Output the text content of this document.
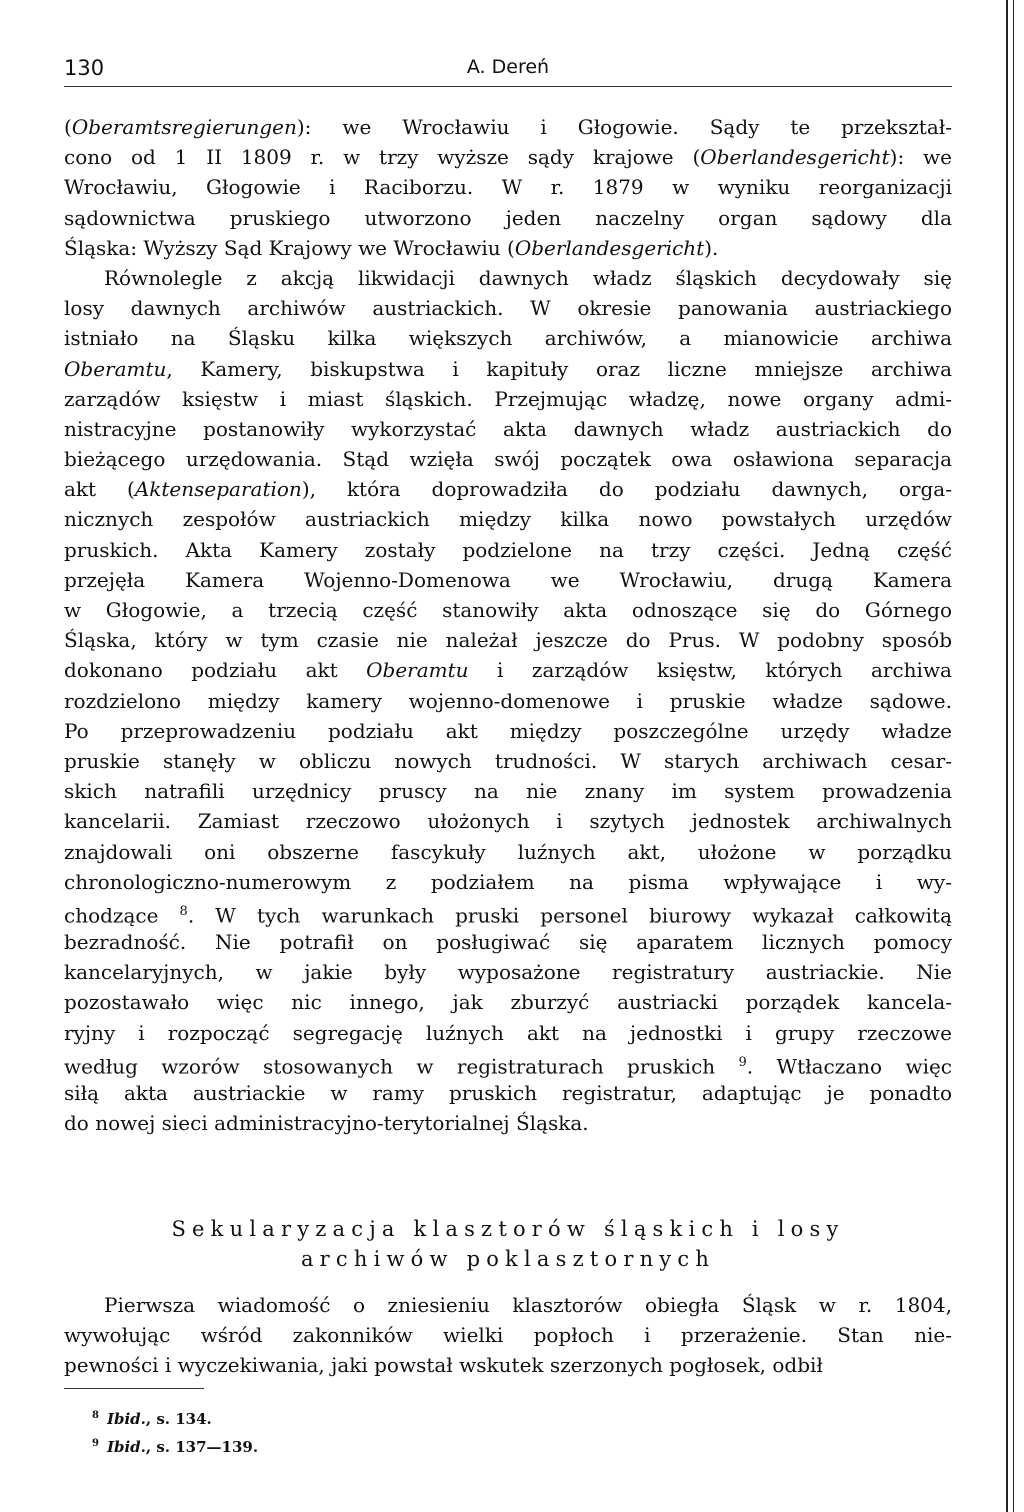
130	A. Dereń
(Oberamtsregierungen): we Wrocławiu i Głogowie. Sądy te przekształ-
cono od 1 II 1809 r. w trzy wyższe sądy krajowe (Oberlandesgericht): we
Wrocławiu, Głogowie i Raciborzu. W r. 1879 w wyniku reorganizacji
sądownictwa pruskiego utworzono jeden naczelny organ sądowy dla
Śląska: Wyższy Sąd Krajowy we Wrocławiu (Oberlandesgericht).
Równolegle z akcją likwidacji dawnych władz śląskich decydowały się
losy dawnych archiwów austriackich. W okresie panowania austriackiego
istniało na Śląsku kilka większych archiwów, a mianowicie archiwa
Oberamtu, Kamery, biskupstwa i kapituły oraz liczne mniejsze archiwa
zarządów księstw i miast śląskich. Przejmując władzę, nowe organy admi-
nistracyjne postanowiły wykorzystać akta dawnych władz austriackich do
bieżącego urzędowania. Stąd wzięła swój początek owa osławiona separacja
akt (Aktenseparation), która doprowadziła do podziału dawnych, orga-
nicznych zespołów austriackich między kilka nowo powstałych urzędów
pruskich. Akta Kamery zostały podzielone na trzy części. Jedną część
przejęła Kamera Wojenno-Domenowa we Wrocławiu, drugą Kamera
w Głogowie, a trzecią część stanowiły akta odnoszące się do Górnego
Śląska, który w tym czasie nie należał jeszcze do Prus. W podobny sposób
dokonano podziału akt Oberamtu i zarządów księstw, których archiwa
rozdzielono między kamery wojenno-domenowe i pruskie władze sądowe.
Po przeprowadzeniu podziału akt między poszczególne urzędy władze
pruskie stanęły w obliczu nowych trudności. W starych archiwach cesar-
skich natrafili urzędnicy pruscy na nie znany im system prowadzenia
kancelarii. Zamiast rzeczowo ułożonych i szytych jednostek archiwalnych
znajdowali oni obszerne fascykuły luźnych akt, ułożone w porządku
chronologiczno-numerowym z podziałem na pisma wpływające i wy-
chodzące $^8$. W tych warunkach pruski personel biurowy wykazał całkowitą
bezradność. Nie potrafił on posługiwać się aparatem licznych pomocy
kancelaryjnych, w jakie były wyposażone registratury austriackie. Nie
pozostawało więc nic innego, jak zburzyć austriacki porządek kancela-
ryjny i rozpocząć segregację luźnych akt na jednostki i grupy rzeczowe
według wzorów stosowanych w registraturach pruskich $^9$. Wtłaczano więc
siłą akta austriackie w ramy pruskich registratur, adaptując je ponadto
do nowej sieci administracyjno-terytorialnej Śląska.
Sekularyzacja klasztorów śląskich i losy
archiwów poklasztornych
Pierwsza wiadomość o zniesieniu klasztorów obiegła Śląsk w r. 1804,
wywołując wśród zakonników wielki popłoch i przerażenie. Stan nie-
pewności i wyczekiwania, jaki powstał wskutek szerzonych pogłosek, odbił
$^8$ Ibid., s. 134.
$^9$ Ibid., s. 137—139.
